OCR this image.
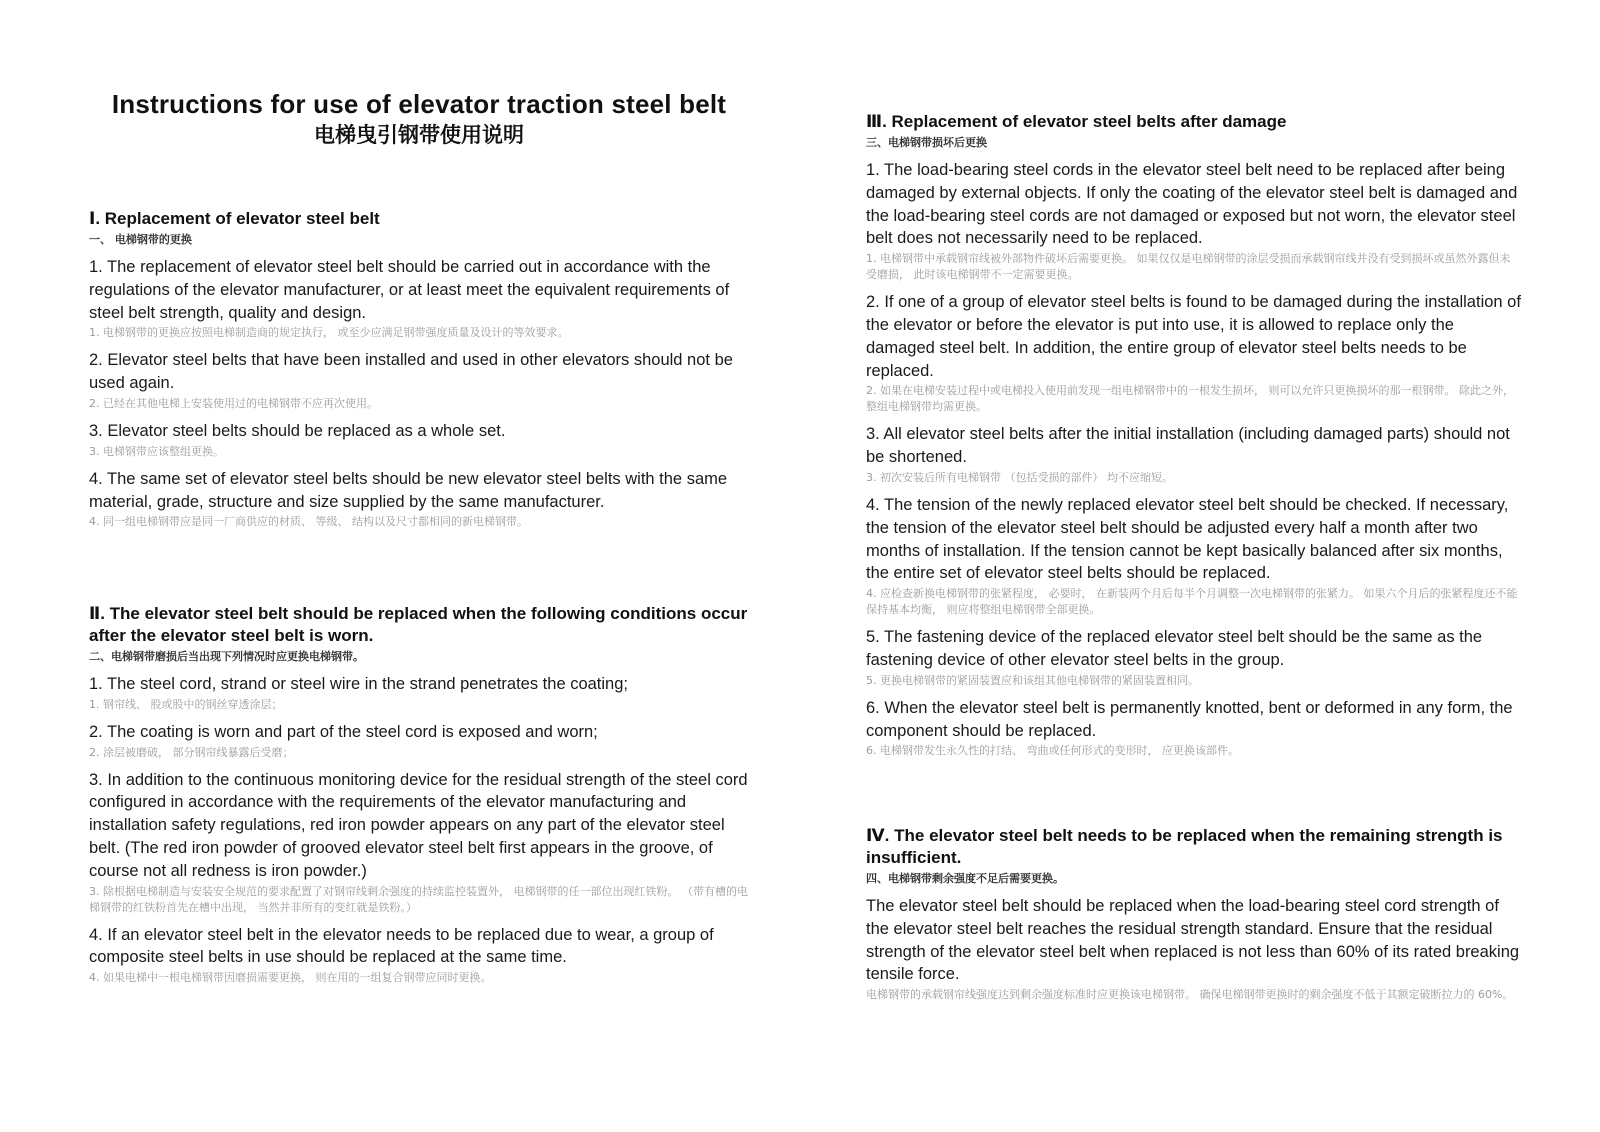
Instructions for use of elevator traction steel belt
电梯曳引钢带使用说明
Ⅰ. Replacement of elevator steel belt
一、 电梯钢带的更换
1. The replacement of elevator steel belt should be carried out in accordance with the regulations of the elevator manufacturer, or at least meet the equivalent requirements of steel belt strength, quality and design.
1. 电梯钢带的更换应按照电梯制造商的规定执行， 或至少应满足钢带强度质量及设计的等效要求。
2. Elevator steel belts that have been installed and used in other elevators should not be used again.
2. 已经在其他电梯上安装使用过的电梯钢带不应再次使用。
3. Elevator steel belts should be replaced as a whole set.
3. 电梯钢带应该整组更换。
4. The same set of elevator steel belts should be new elevator steel belts with the same material, grade, structure and size supplied by the same manufacturer.
4. 同一组电梯钢带应是同一厂商供应的材质、 等级、 结构以及尺寸都相同的新电梯钢带。
Ⅱ. The elevator steel belt should be replaced when the following conditions occur after the elevator steel belt is worn.
二、电梯钢带磨损后当出现下列情况时应更换电梯钢带。
1. The steel cord, strand or steel wire in the strand penetrates the coating;
1. 钢帘线、 股或股中的钢丝穿透涂层；
2. The coating is worn and part of the steel cord is exposed and worn;
2. 涂层被磨破， 部分钢帘线暴露后受磨；
3. In addition to the continuous monitoring device for the residual strength of the steel cord configured in accordance with the requirements of the elevator manufacturing and installation safety regulations, red iron powder appears on any part of the elevator steel belt. (The red iron powder of grooved elevator steel belt first appears in the groove, of course not all redness is iron powder.)
3. 除根据电梯制造与安装安全规范的要求配置了对钢帘线剩余强度的持续监控装置外， 电梯钢带的任一部位出现红铁粉。 （带有槽的电梯钢带的红铁粉首先在槽中出现， 当然并非所有的变红就是铁粉。）
4. If an elevator steel belt in the elevator needs to be replaced due to wear, a group of composite steel belts in use should be replaced at the same time.
4. 如果电梯中一根电梯钢带因磨损需要更换， 则在用的一组复合钢带应同时更换。
Ⅲ. Replacement of elevator steel belts after damage
三、电梯钢带损坏后更换
1. The load-bearing steel cords in the elevator steel belt need to be replaced after being damaged by external objects. If only the coating of the elevator steel belt is damaged and the load-bearing steel cords are not damaged or exposed but not worn, the elevator steel belt does not necessarily need to be replaced.
1. 电梯钢带中承载钢帘线被外部物件破坏后需要更换。 如果仅仅是电梯钢带的涂层受损而承载钢帘线并没有受到损坏或虽然外露但未受磨损， 此时该电梯钢带不一定需要更换。
2. If one of a group of elevator steel belts is found to be damaged during the installation of the elevator or before the elevator is put into use, it is allowed to replace only the damaged steel belt. In addition, the entire group of elevator steel belts needs to be replaced.
2. 如果在电梯安装过程中或电梯投入使用前发现一组电梯钢带中的一根发生损坏， 则可以允许只更换损坏的那一根钢带。 除此之外， 整组电梯钢带均需更换。
3. All elevator steel belts after the initial installation (including damaged parts) should not be shortened.
3. 初次安装后所有电梯钢带 （包括受损的部件） 均不应缩短。
4. The tension of the newly replaced elevator steel belt should be checked. If necessary, the tension of the elevator steel belt should be adjusted every half a month after two months of installation. If the tension cannot be kept basically balanced after six months, the entire set of elevator steel belts should be replaced.
4. 应检查新换电梯钢带的张紧程度， 必要时， 在新装两个月后每半个月调整一次电梯钢带的张紧力。 如果六个月后的张紧程度还不能保持基本均衡， 则应将整组电梯钢带全部更换。
5. The fastening device of the replaced elevator steel belt should be the same as the fastening device of other elevator steel belts in the group.
5. 更换电梯钢带的紧固装置应和该组其他电梯钢带的紧固装置相同。
6. When the elevator steel belt is permanently knotted, bent or deformed in any form, the component should be replaced.
6. 电梯钢带发生永久性的打结、 弯曲或任何形式的变形时， 应更换该部件。
Ⅳ. The elevator steel belt needs to be replaced when the remaining strength is insufficient.
四、电梯钢带剩余强度不足后需要更换。
The elevator steel belt should be replaced when the load-bearing steel cord strength of the elevator steel belt reaches the residual strength standard. Ensure that the residual strength of the elevator steel belt when replaced is not less than 60% of its rated breaking tensile force.
电梯钢带的承载钢帘线强度达到剩余强度标准时应更换该电梯钢带。 确保电梯钢带更换时的剩余强度不低于其额定破断拉力的 60%。
